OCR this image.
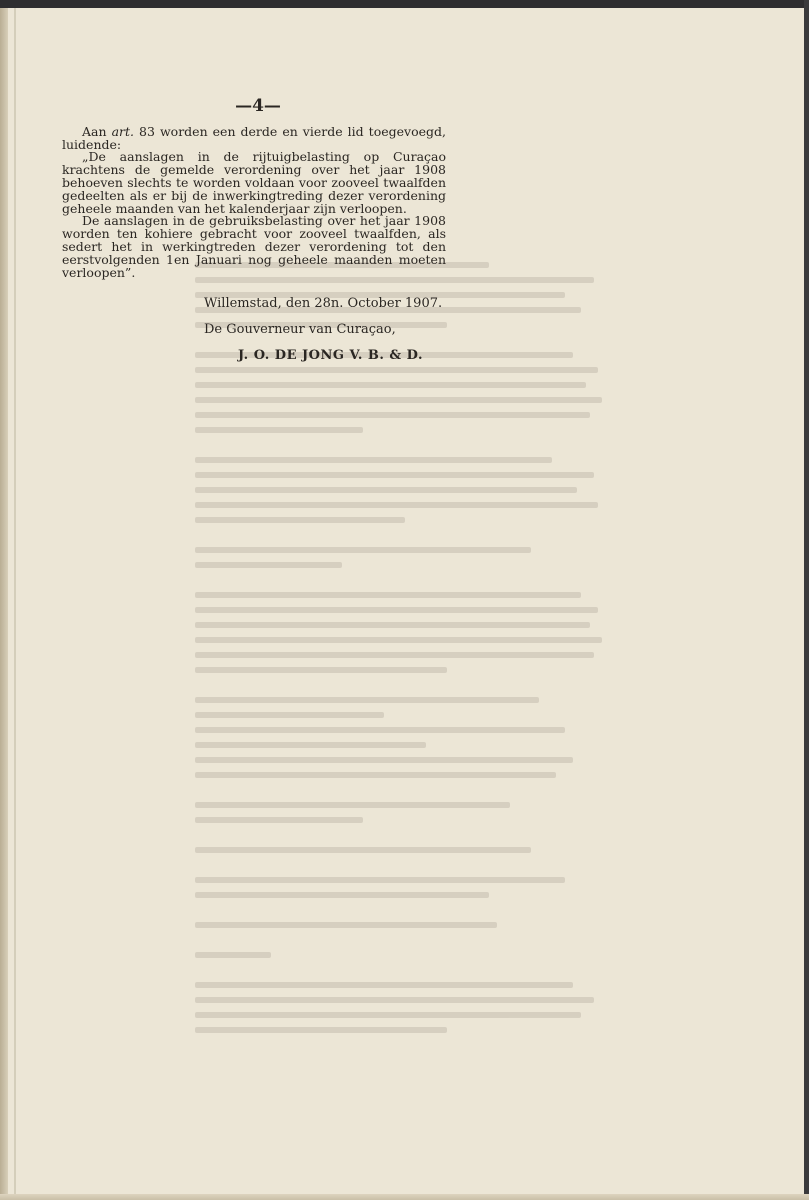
—4—

Aan art. 83 worden een derde en vierde lid toegevoegd, luidende:

„De aanslagen in de rijtuigbelasting op Curaçao krachtens de gemelde verordening over het jaar 1908 behoeven slechts te worden voldaan voor zooveel twaalfden gedeelten als er bij de inwerkingtreding dezer verordening geheele maanden van het kalenderjaar zijn verloopen.

De aanslagen in de gebruiksbelasting over het jaar 1908 worden ten kohiere gebracht voor zooveel twaalfden, als sedert het in werkingtreden dezer verordening tot den eerstvolgenden 1en Januari nog geheele maanden moeten verloopen”.

Willemstad, den 28n. October 1907.

De Gouverneur van Curaçao,

J. O. DE JONG V. B. & D.
